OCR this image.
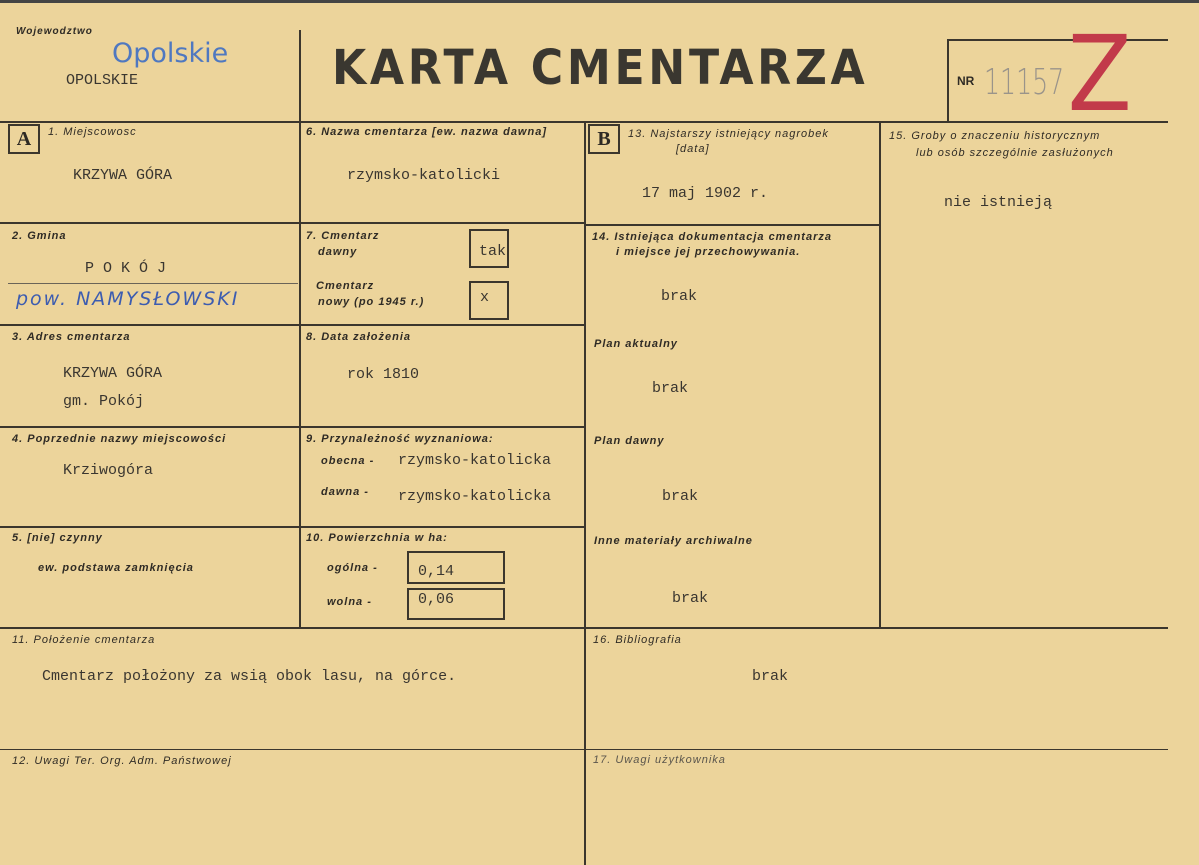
Wojewodztwo
Opolskie
OPOLSKIE	KARTA CMENTARZA	NR 11157 Z
A	1. Miejscowosc
KRZYWA GÓRA
2. Gmina
P O K Ó J
pow. NAMYSŁOWSKI
3. Adres cmentarza
KRZYWA GÓRA
gm. Pokój
4. Poprzednie nazwy miejscowości
Krziwogóra
5. [nie] czynny
ew. podstawa zamknięcia
6. Nazwa cmentarza [ew. nazwa dawna]
rzymsko-katolicki
7. Cmentarz
dawny	tak
Cmentarz
nowy (po 1945 r.)	x
8. Data założenia
rok 1810
9. Przynależność wyznaniowa:
obecna - rzymsko-katolicka
dawna - rzymsko-katolicka
10. Powierzchnia w ha:
ogólna -	0,14
wolna -	0,06
11. Położenie cmentarza
Cmentarz położony za wsią obok lasu, na górce.
12. Uwagi Ter. Org. Adm. Państwowej
B	13. Najstarszy istniejący nagrobek
[data]
17 maj 1902 r.
14. Istniejąca dokumentacja cmentarza
i miejsce jej przechowywania.
brak
Plan aktualny
brak
Plan dawny
brak
Inne materiały archiwalne
brak
15. Groby o znaczeniu historycznym
lub osób szczególnie zasłużonych
nie istnieją
16. Bibliografia
brak
17. Uwagi użytkownika
